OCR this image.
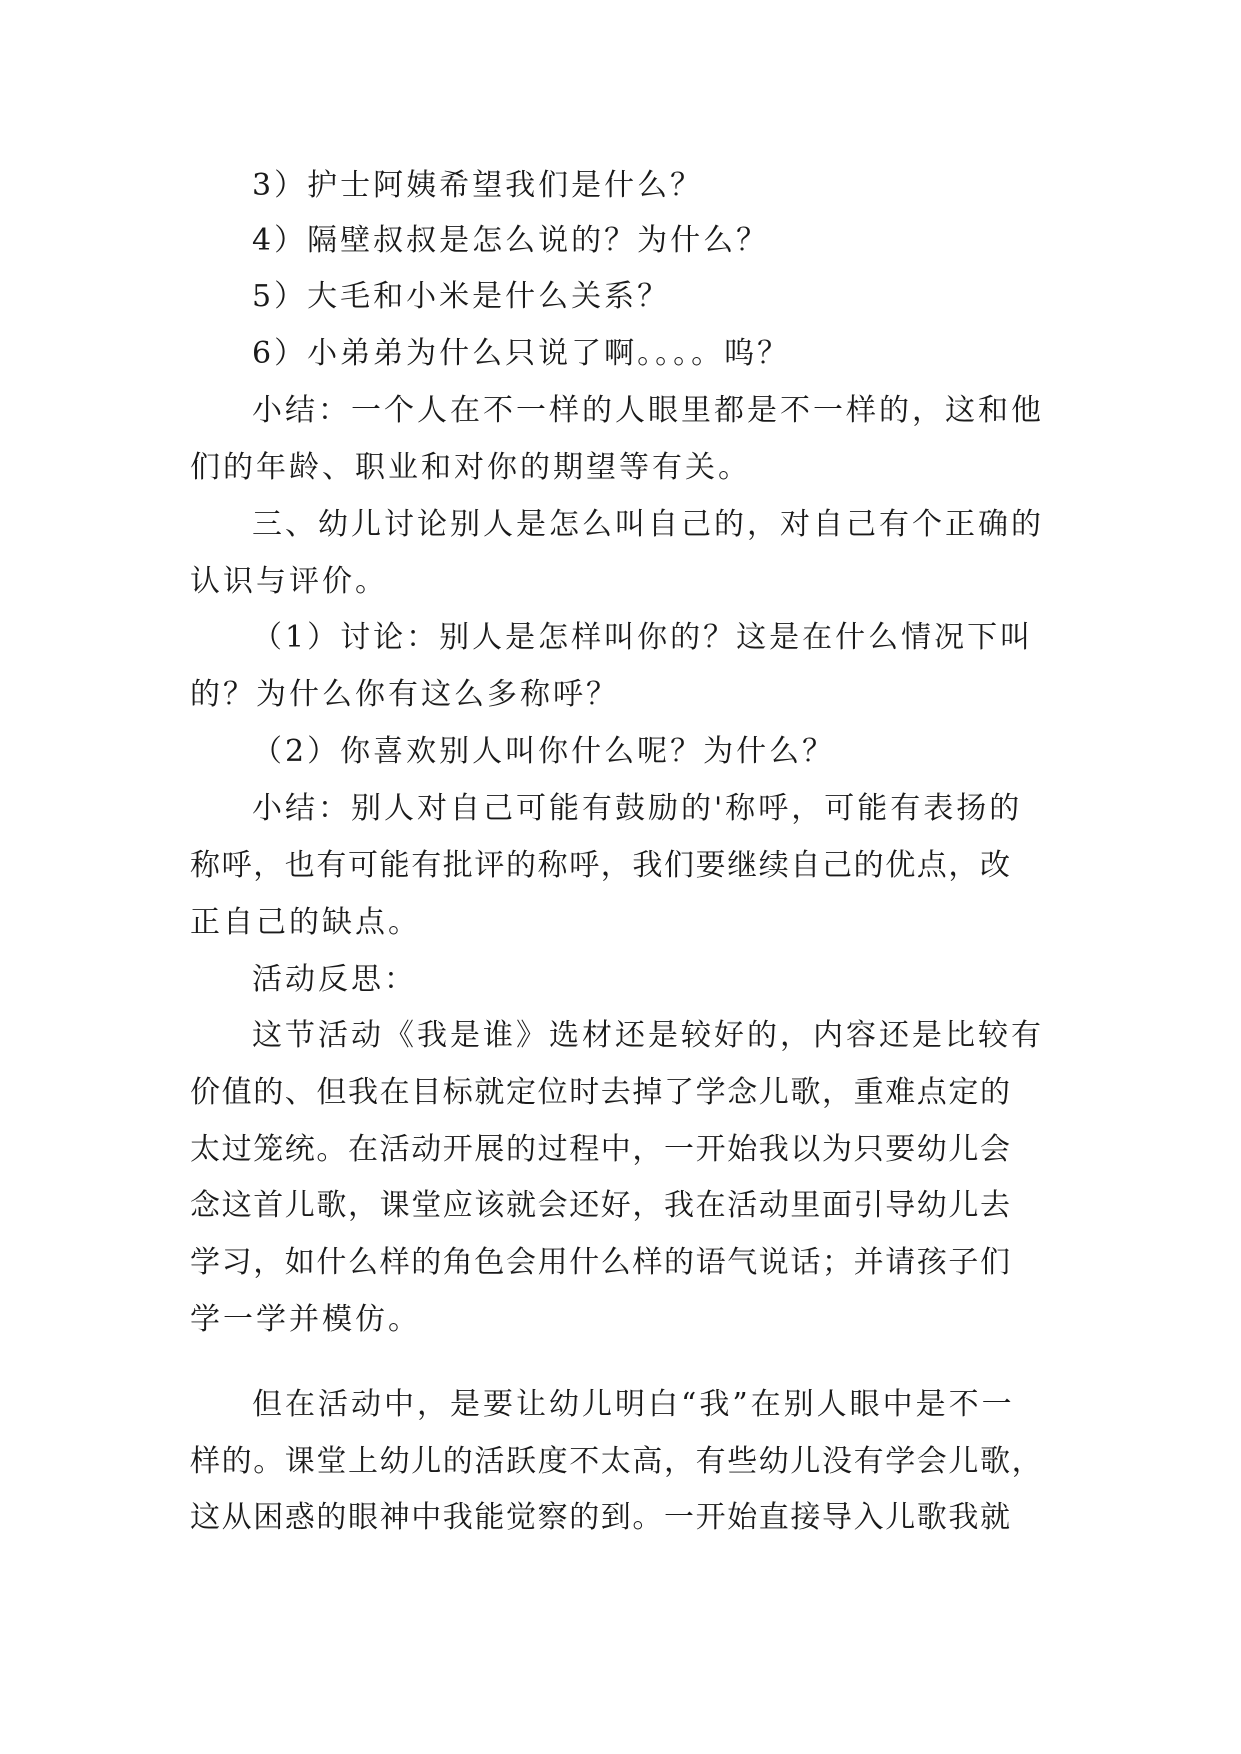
3）护士阿姨希望我们是什么？
4）隔壁叔叔是怎么说的？为什么？
5）大毛和小米是什么关系？
6）小弟弟为什么只说了啊。。。。呜？
小结：一个人在不一样的人眼里都是不一样的，这和他
们的年龄、职业和对你的期望等有关。
三、幼儿讨论别人是怎么叫自己的，对自己有个正确的
认识与评价。
（1）讨论：别人是怎样叫你的？这是在什么情况下叫
的？为什么你有这么多称呼？
（2）你喜欢别人叫你什么呢？为什么？
小结：别人对自己可能有鼓励的'称呼，可能有表扬的
称呼，也有可能有批评的称呼，我们要继续自己的优点，改
正自己的缺点。
活动反思：
这节活动《我是谁》选材还是较好的，内容还是比较有
价值的、但我在目标就定位时去掉了学念儿歌，重难点定的
太过笼统。在活动开展的过程中，一开始我以为只要幼儿会
念这首儿歌，课堂应该就会还好，我在活动里面引导幼儿去
学习，如什么样的角色会用什么样的语气说话；并请孩子们
学一学并模仿。
但在活动中，是要让幼儿明白“我”在别人眼中是不一
样的。课堂上幼儿的活跃度不太高，有些幼儿没有学会儿歌，
这从困惑的眼神中我能觉察的到。一开始直接导入儿歌我就
